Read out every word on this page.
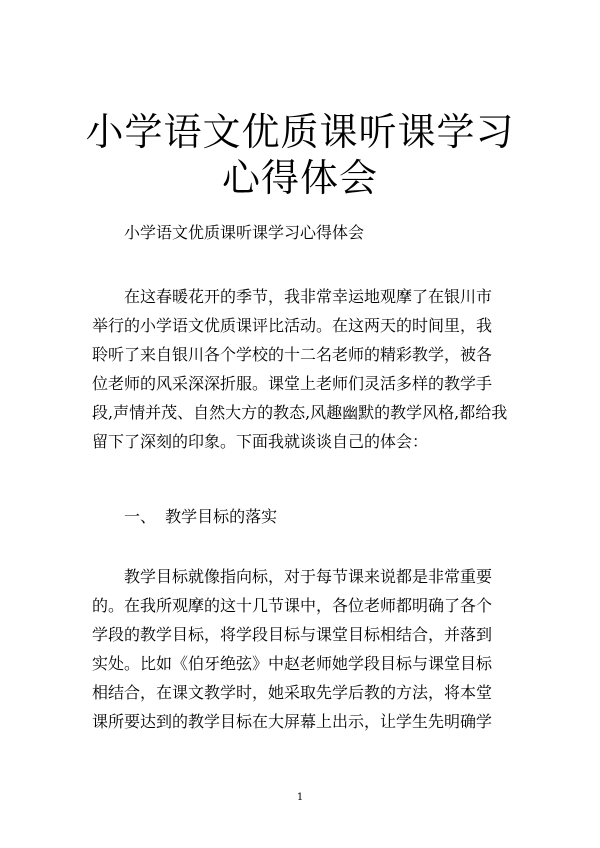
小学语文优质课听课学习
心得体会

小学语文优质课听课学习心得体会

在这春暖花开的季节，我非常幸运地观摩了在银川市
举行的小学语文优质课评比活动。在这两天的时间里，我
聆听了来自银川各个学校的十二名老师的精彩教学，被各
位老师的风采深深折服。课堂上老师们灵活多样的教学手
段,声情并茂、自然大方的教态,风趣幽默的教学风格,都给我
留下了深刻的印象。下面我就谈谈自己的体会：

一、 教学目标的落实

教学目标就像指向标，对于每节课来说都是非常重要
的。在我所观摩的这十几节课中，各位老师都明确了各个
学段的教学目标，将学段目标与课堂目标相结合，并落到
实处。比如《伯牙绝弦》中赵老师她学段目标与课堂目标
相结合，在课文教学时，她采取先学后教的方法，将本堂
课所要达到的教学目标在大屏幕上出示，让学生先明确学
1
